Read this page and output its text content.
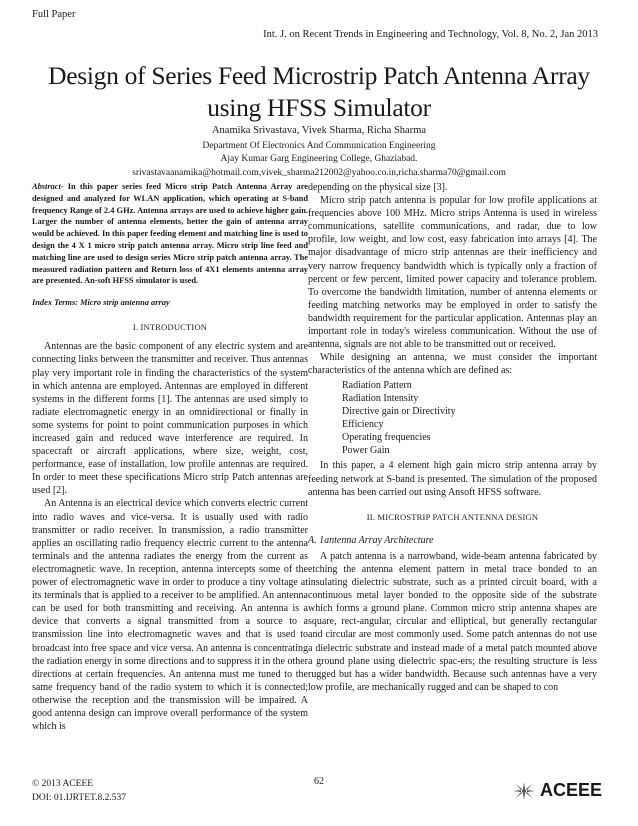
Full Paper
Int. J. on Recent Trends in Engineering and Technology, Vol. 8, No. 2, Jan 2013
Design of Series Feed Microstrip Patch Antenna Array
using HFSS Simulator
Anamika Srivastava, Vivek Sharma, Richa Sharma
Department Of Electronics And Communication Engineering
Ajay Kumar Garg Engineering College, Ghaziabad.
srivastavaanamika@hotmail.com,vivek_sharma212002@yahoo.co.in,richa.sharma70@gmail.com
Abstract- In this paper series feed Micro strip Patch Antenna Array are designed and analyzed for WLAN application, which operating at S-band frequency Range of 2.4 GHz. Antenna arrays are used to achieve higher gain. Larger the number of antenna elements, better the gain of antenna array would be achieved. In this paper feeding element and matching line is used to design the 4 X 1 micro strip patch antenna array. Micro strip line feed and matching line are used to design series Micro strip patch antenna array. The measured radiation pattern and Return loss of 4X1 elements antenna array are presented. An-soft HFSS simulator is used.
Index Terms: Micro strip antenna array
I. INTRODUCTION

Antennas are the basic component of any electric system and are connecting links between the transmitter and receiver. Thus antennas play very important role in finding the characteristics of the system in which antenna are employed. Antennas are employed in different systems in the different forms [1]. The antennas are used simply to radiate electromagnetic energy in an omnidirectional or finally in some systems for point to point communication purposes in which increased gain and reduced wave interference are required. In spacecraft or aircraft applications, where size, weight, cost, performance, ease of installation, low profile antennas are required. In order to meet these specifications Micro strip Patch antennas are used [2].

An Antenna is an electrical device which converts electric current into radio waves and vice-versa. It is usually used with radio transmitter or radio receiver. In transmission, a radio transmitter applies an oscillating radio frequency electric current to the antenna terminals and the antenna radiates the energy from the current as electromagnetic wave. In reception, antenna intercepts some of the power of electromagnetic wave in order to produce a tiny voltage at its terminals that is applied to a receiver to be amplified. An antenna can be used for both transmitting and receiving. An antenna is a device that converts a signal transmitted from a source to a transmission line into electromagnetic waves and that is used to broadcast into free space and vice versa. An antenna is concentrating the radiation energy in some directions and to suppress it in the other directions at certain frequencies. An antenna must me tuned to the same frequency band of the radio system to which it is connected; otherwise the reception and the transmission will be impaired. A good antenna design can improve overall performance of the system which is

depending on the physical size [3].

Micro strip patch antenna is popular for low profile applications at frequencies above 100 MHz. Micro strips Antenna is used in wireless communications, satellite communications, and radar, due to low profile, low weight, and low cost, easy fabrication into arrays [4]. The major disadvantage of micro strip antennas are their inefficiency and very narrow frequency bandwidth which is typically only a fraction of percent or few percent, limited power capacity and tolerance problem. To overcome the bandwidth limitation, number of antenna elements or feeding matching networks may be employed in order to satisfy the bandwidth requirement for the particular application. Antennas play an important role in today's wireless communication. Without the use of antenna, signals are not able to be transmitted out or received.

While designing an antenna, we must consider the important characteristics of the antenna which are defined as:

Radiation Pattern
Radiation Intensity
Directive gain or Directivity
Efficiency
Operating frequencies
Power Gain

In this paper, a 4 element high gain micro strip antenna array by feeding network at S-band is presented. The simulation of the proposed antenna has been carried out using Ansoft HFSS software.

II. MICROSTRIP PATCH ANTENNA DESIGN
A. 1antenna Array Architecture

A patch antenna is a narrowband, wide-beam antenna fabricated by etching the antenna element pattern in metal trace bonded to an insulating dielectric substrate, such as a printed circuit board, with a continuous metal layer bonded to the opposite side of the substrate which forms a ground plane. Common micro strip antenna shapes are square, rect-angular, circular and elliptical, but generally rectangular and circular are most commonly used. Some patch antennas do not use a dielectric substrate and instead made of a metal patch mounted above a ground plane using dielectric spac-ers; the resulting structure is less rugged but has a wider bandwidth. Because such antennas have a very low profile, are mechanically rugged and can be shaped to con

© 2013 ACEEE
DOI: 01.IJRTET.8.2.537
62	ACEEE
